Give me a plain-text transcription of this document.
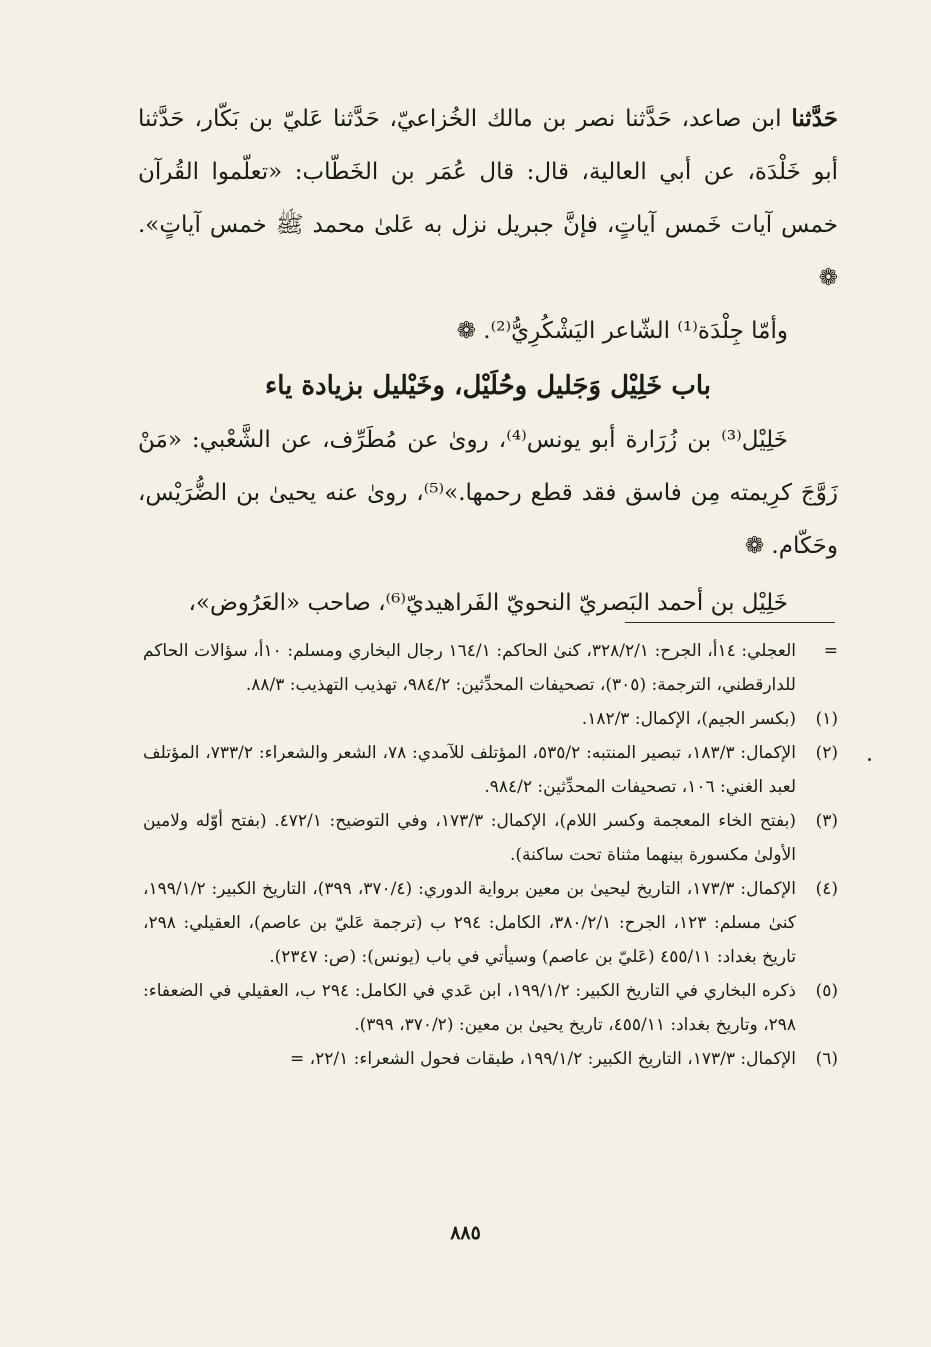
حَدَّثنا ابن صاعد، حَدَّثنا نصر بن مالك الخُزاعيّ، حَدَّثنا عَليّ بن بَكّار، حَدَّثنا أبو خَلْدَة، عن أبي العالية، قال: قال عُمَر بن الخَطّاب: «تعلّموا القُرآن خمس آيات خَمس آياتٍ، فإنَّ جبريل نزل به عَلىٰ محمد ﷺ خمس آياتٍ». ❁

وأمّا جِلْدَة⁽¹⁾ الشّاعر اليَشْكُرِيُّ⁽²⁾. ❁

باب خَلِيْل وَجَليل وحُلَيْل، وخَيْليل بزيادة ياء

خَلِيْل⁽³⁾ بن زُرَارة أبو يونس⁽⁴⁾، روىٰ عن مُطَرِّف، عن الشَّعْبي: «مَنْ زَوَّجَ كرِيمته مِن فاسق فقد قطع رحمها.»⁽⁵⁾، روىٰ عنه يحيىٰ بن الضُّرَيْس، وحَكّام. ❁

خَلِيْل بن أحمد البَصريّ النحويّ الفَراهيديّ⁽⁶⁾، صاحب «العَرُوض»،

=
العجلي: ١٤أ، الجرح: ٣٢٨/٢/١، كنىٰ الحاكم: ١٦٤/١ رجال البخاري ومسلم: ١٠أ، سؤالات الحاكم للدارقطني، الترجمة: (٣٠٥)، تصحيفات المحدِّثين: ٩٨٤/٢، تهذيب التهذيب: ٨٨/٣.

(١)
(بكسر الجيم)، الإكمال: ١٨٢/٣.

(٢)
الإكمال: ١٨٣/٣، تبصير المنتبه: ٥٣٥/٢، المؤتلف للآمدي: ٧٨، الشعر والشعراء: ٧٣٣/٢، المؤتلف لعبد الغني: ١٠٦، تصحيفات المحدِّثين: ٩٨٤/٢.

(٣)
(بفتح الخاء المعجمة وكسر اللام)، الإكمال: ١٧٣/٣، وفي التوضيح: ٤٧٢/١. (بفتح أوّله ولامين الأولىٰ مكسورة بينهما مثناة تحت ساكنة).

(٤)
الإكمال: ١٧٣/٣، التاريخ ليحيىٰ بن معين برواية الدوري: (٣٧٠/٤، ٣٩٩)، التاريخ الكبير: ١٩٩/١/٢، كنىٰ مسلم: ١٢٣، الجرح: ٣٨٠/٢/١، الكامل: ٢٩٤ ب (ترجمة عَليّ بن عاصم)، العقيلي: ٢٩٨، تاريخ بغداد: ٤٥٥/١١ (عَليّ بن عاصم) وسيأتي في باب (يونس): (ص: ٢٣٤٧).

(٥)
ذكره البخاري في التاريخ الكبير: ١٩٩/١/٢، ابن عَدي في الكامل: ٢٩٤ ب، العقيلي في الضعفاء: ٢٩٨، وتاريخ بغداد: ٤٥٥/١١، تاريخ يحيىٰ بن معين: (٣٧٠/٢، ٣٩٩).

(٦)
الإكمال: ١٧٣/٣، التاريخ الكبير: ١٩٩/١/٢، طبقات فحول الشعراء: ٢٢/١، =

٨٨٥
